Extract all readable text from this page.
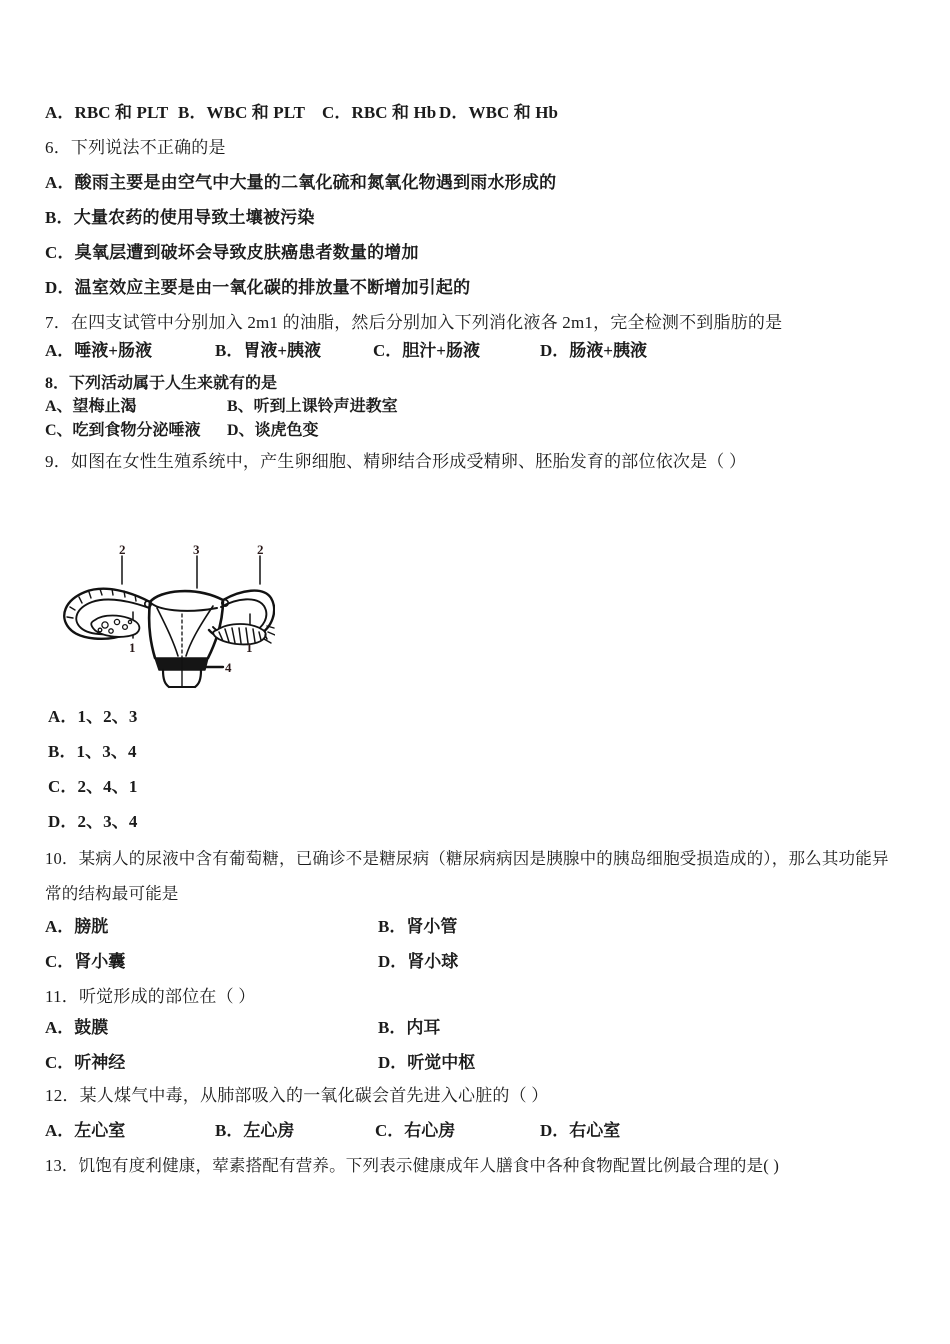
A．RBC 和 PLT B．WBC 和 PLT C．RBC 和 Hb D．WBC 和 Hb
6．下列说法不正确的是
A．酸雨主要是由空气中大量的二氧化硫和氮氧化物遇到雨水形成的
B．大量农药的使用导致土壤被污染
C．臭氧层遭到破坏会导致皮肤癌患者数量的增加
D．温室效应主要是由一氧化碳的排放量不断增加引起的
7．在四支试管中分别加入 2m1 的油脂，然后分别加入下列消化液各 2m1，完全检测不到脂肪的是
A．唾液+肠液	B．胃液+胰液	C．胆汁+肠液	D．肠液+胰液
8．下列活动属于人生来就有的是
A、望梅止渴	B、听到上课铃声进教室
C、吃到食物分泌唾液 D、谈虎色变
9．如图在女性生殖系统中，产生卵细胞、精卵结合形成受精卵、胚胎发育的部位依次是（ ）
2	3	2
1	1
4
A．1、2、3
B．1、3、4
C．2、4、1
D．2、3、4
10．某病人的尿液中含有葡萄糖，已确诊不是糖尿病（糖尿病病因是胰腺中的胰岛细胞受损造成的），那么其功能异
常的结构最可能是
A．膀胱	B．肾小管
C．肾小囊	D．肾小球
11．听觉形成的部位在（ ）
A．鼓膜	B．内耳
C．听神经	D．听觉中枢
12．某人煤气中毒，从肺部吸入的一氧化碳会首先进入心脏的（ ）
A．左心室	B．左心房	C．右心房	D．右心室
13．饥饱有度利健康，荤素搭配有营养。下列表示健康成年人膳食中各种食物配置比例最合理的是( )
